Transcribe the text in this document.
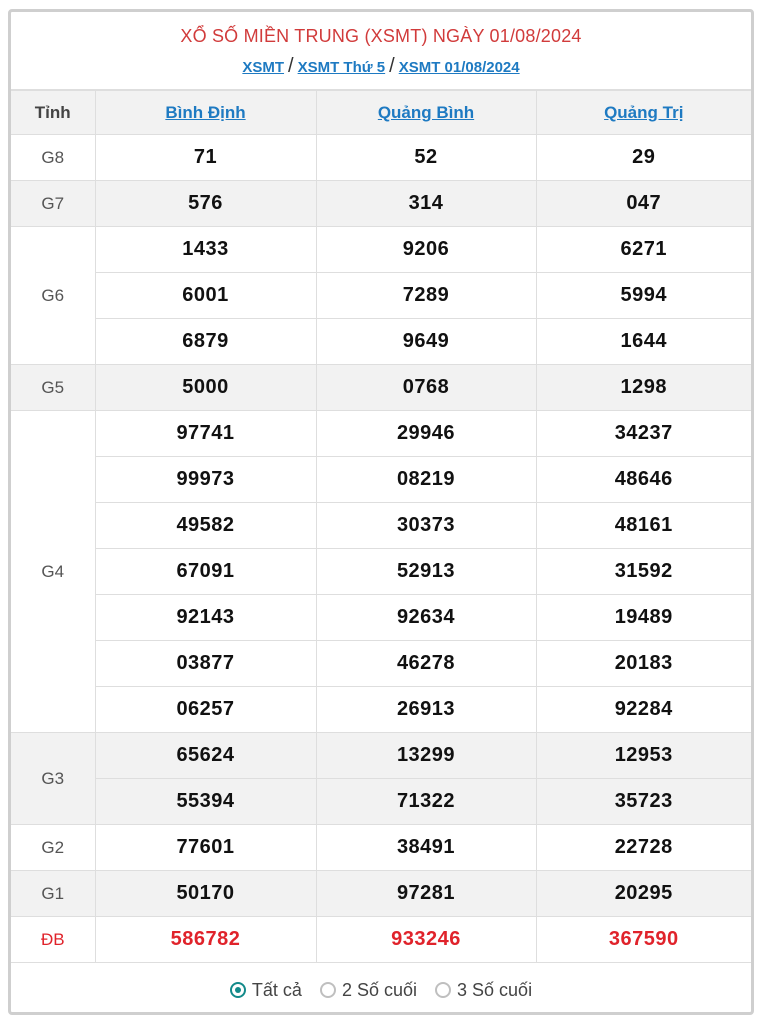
XỔ SỐ MIỀN TRUNG (XSMT) NGÀY 01/08/2024
XSMT / XSMT Thứ 5 / XSMT 01/08/2024
Tỉnh	Bình Định	Quảng Bình	Quảng Trị
G8	71	52	29
G7	576	314	047
G6	1433	9206	6271
	6001	7289	5994
	6879	9649	1644
G5	5000	0768	1298
G4	97741	29946	34237
	99973	08219	48646
	49582	30373	48161
	67091	52913	31592
	92143	92634	19489
	03877	46278	20183
	06257	26913	92284
G3	65624	13299	12953
	55394	71322	35723
G2	77601	38491	22728
G1	50170	97281	20295
ĐB	586782	933246	367590
Tất cả 2 Số cuối 3 Số cuối
